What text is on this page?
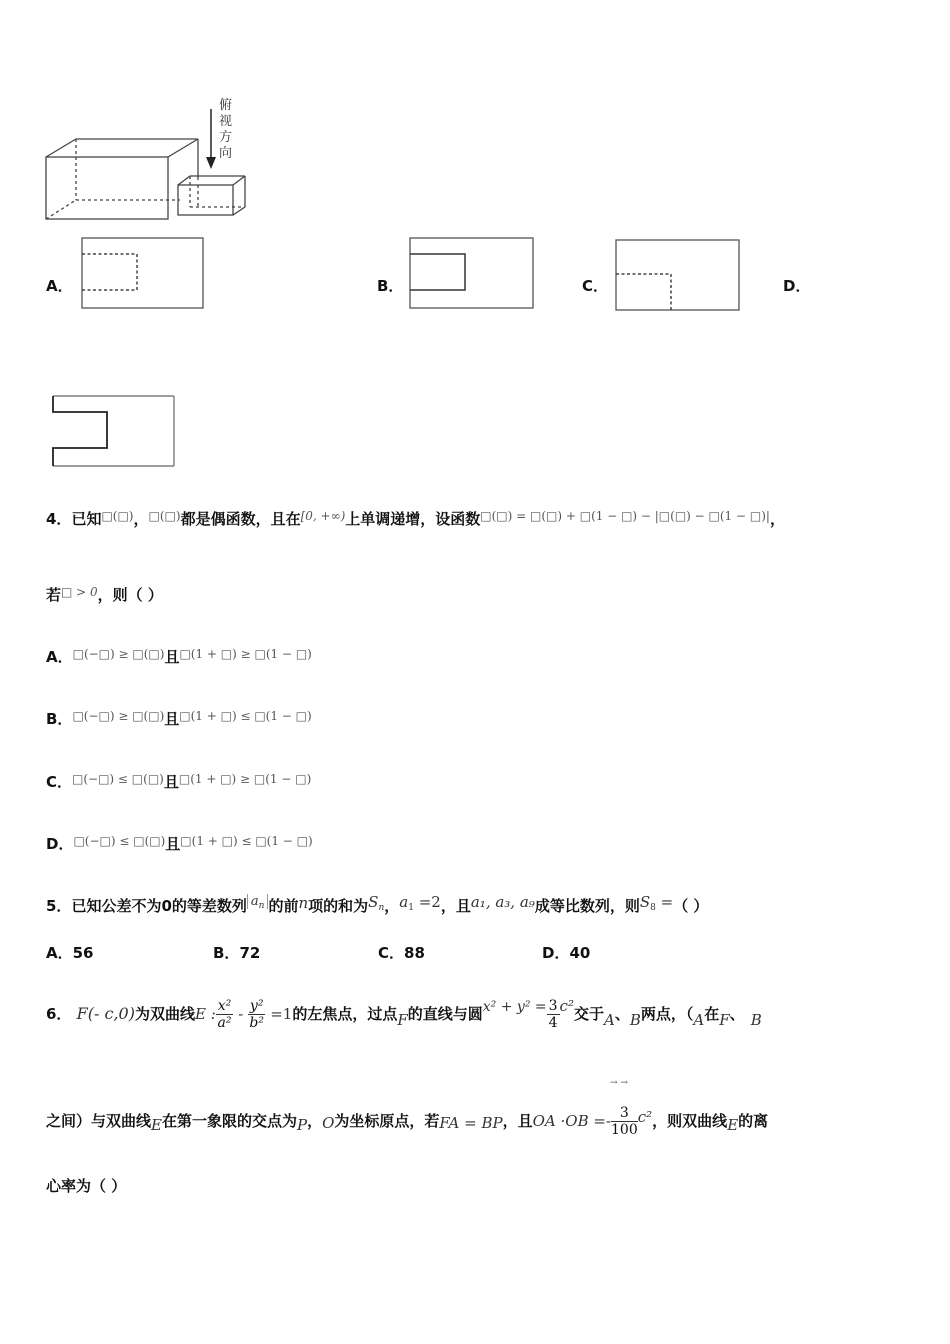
俯
视
方
向
A．	B．	C．	D．
4．已知□(□)，□(□)都是偶函数，且在$^{[0, +\infty)}$上单调递增，设函数$^{□(□) = □(□) + □(1 - □) - |□(□) - □(1 - □)|}$，
若$^{□ > 0}$，则（ ）
A．□(−□) ≥ □(□)且$^{□(1 + □) \ge □(1 - □)}$
B．□(−□) ≥ □(□)且$^{□(1 + □) \le □(1 - □)}$
C．□(−□) ≤ □(□)且$^{□(1 + □) \ge □(1 - □)}$
D．□(−□) ≤ □(□)且$^{□(1 + □) \le □(1 - □)}$
5．已知公差不为0的等差数列 $a_n$ 的前n项的和为$S_n$，$a_1 =2$，且a₁, a₃, a₉成等比数列，则$S_8$ =（ ）
A．56	B．72	C．88	D．40
6． F(- c,0)为双曲线E : $\frac{\text{x²}}{\text{a²}} - \frac{\text{y²}}{\text{b²}} =1$的左焦点，过点F的直线与圆$x^2 + y^2 = \frac{3}{4} c^2$交于A、B两点，（A在F、 B
→ →
之间）与双曲线E在第一象限的交点为P，O为坐标原点，若FA = BP，且OA $\cdot OB =- \frac{3}{100} c^2$，则双曲线E的离
心率为（ ）
